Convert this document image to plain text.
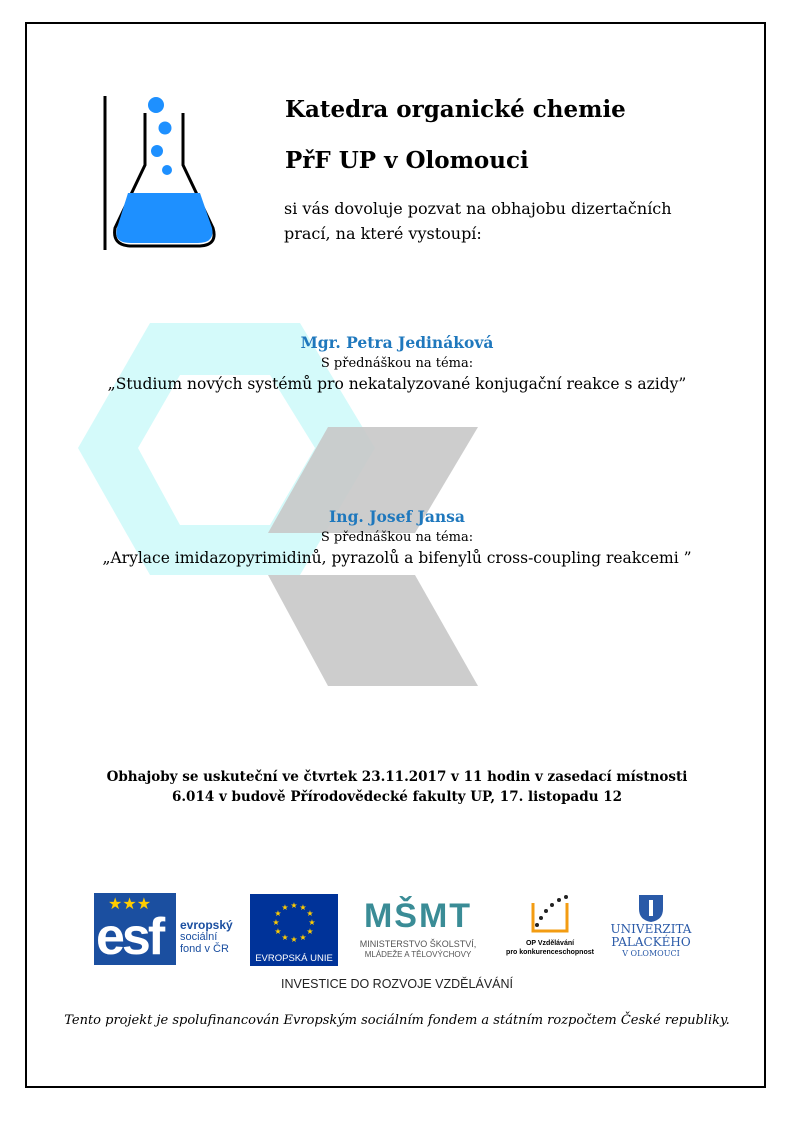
Katedra organické chemie
PřF UP v Olomouci
si vás dovoluje pozvat na obhajobu dizertačních
prací, na které vystoupí:
Mgr. Petra Jedináková
S přednáškou na téma:
„Studium nových systémů pro nekatalyzované konjugační reakce s azidy”
Ing. Josef Jansa
S přednáškou na téma:
„Arylace imidazopyrimidinů, pyrazolů a bifenylů cross-coupling reakcemi ”
Obhajoby se uskuteční ve čtvrtek 23.11.2017 v 11 hodin v zasedací místnosti
6.014 v budově Přírodovědecké fakulty UP, 17. listopadu 12
★★★
esf evropský
sociální
fond v ČR
★ ★
★
★
★
★
★
★
★
★
★
★
EVROPSKÁ UNIE
MŠMT
MINISTERSTVO ŠKOLSTVÍ,
MLÁDEŽE A TĚLOVÝCHOVY
OP Vzdělávání
pro konkurenceschopnost
UNIVERZITA
PALACKÉHO
V OLOMOUCI
INVESTICE DO ROZVOJE VZDĚLÁVÁNÍ
Tento projekt je spolufinancován Evropským sociálním fondem a státním rozpočtem České republiky.
